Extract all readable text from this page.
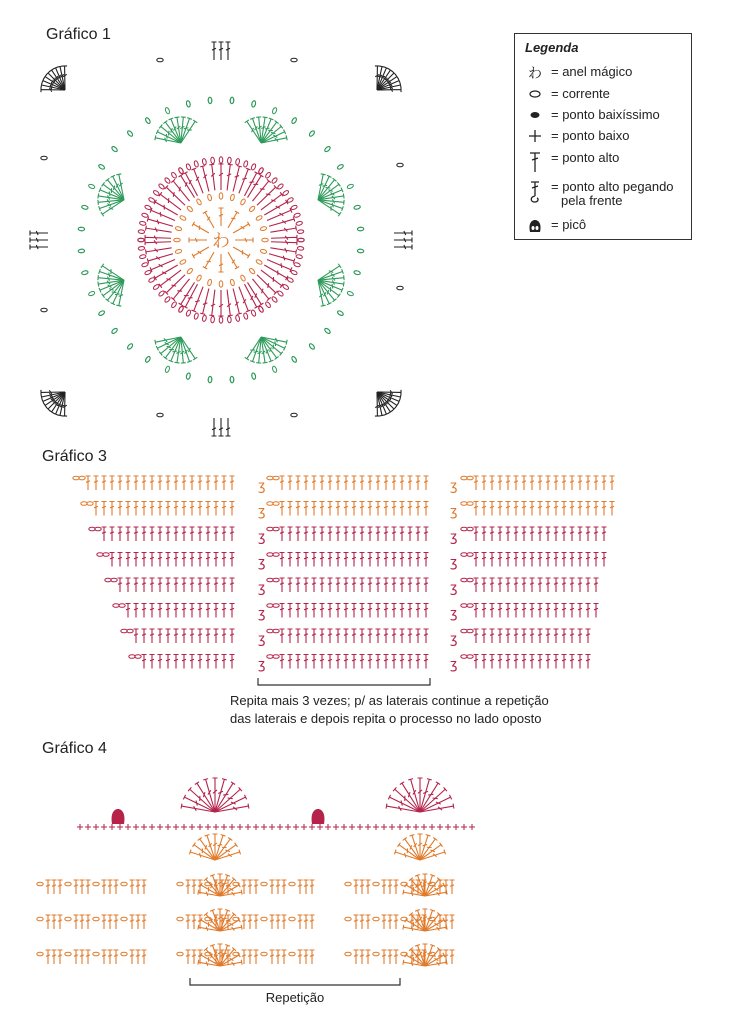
Gráfico 1
Gráfico 3
Gráfico 4
Legenda
わ = anel mágico
= corrente
= ponto baixíssimo
= ponto baixo
= ponto alto
= ponto alto pegando
pela frente
= picô
ʒ	ʒ
ʒ	ʒ
ʒ	ʒ
ʒ	ʒ
ʒ	ʒ
ʒ	ʒ
ʒ	ʒ
ʒ	ʒ
わ
Repita mais 3 vezes; p/ as laterais continue a repetição
das laterais e depois repita o processo no lado oposto
Repetição
